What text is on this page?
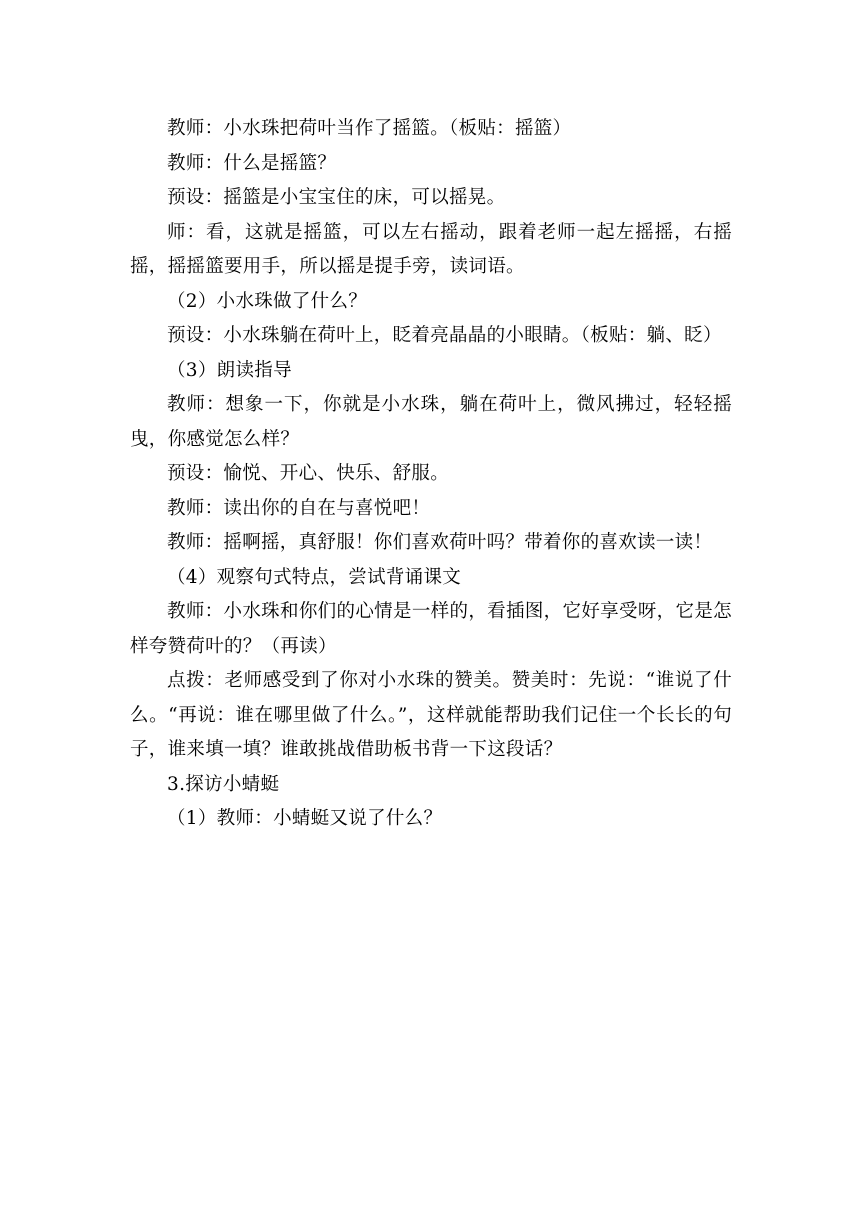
教师：小水珠把荷叶当作了摇篮。（板贴：摇篮）

教师：什么是摇篮？

预设：摇篮是小宝宝住的床，可以摇晃。

师：看，这就是摇篮，可以左右摇动，跟着老师一起左摇摇，右摇摇，摇摇篮要用手，所以摇是提手旁，读词语。

（2）小水珠做了什么？

预设：小水珠躺在荷叶上，眨着亮晶晶的小眼睛。（板贴：躺、眨）

（3）朗读指导

教师：想象一下，你就是小水珠，躺在荷叶上，微风拂过，轻轻摇曳，你感觉怎么样？

预设：愉悦、开心、快乐、舒服。

教师：读出你的自在与喜悦吧！

教师：摇啊摇，真舒服！你们喜欢荷叶吗？带着你的喜欢读一读！

（4）观察句式特点，尝试背诵课文

教师：小水珠和你们的心情是一样的，看插图，它好享受呀，它是怎样夸赞荷叶的？（再读）

点拨：老师感受到了你对小水珠的赞美。赞美时：先说：“谁说了什么。“再说：谁在哪里做了什么。”，这样就能帮助我们记住一个长长的句子，谁来填一填？谁敢挑战借助板书背一下这段话？

3.探访小蜻蜓

（1）教师：小蜻蜓又说了什么？
